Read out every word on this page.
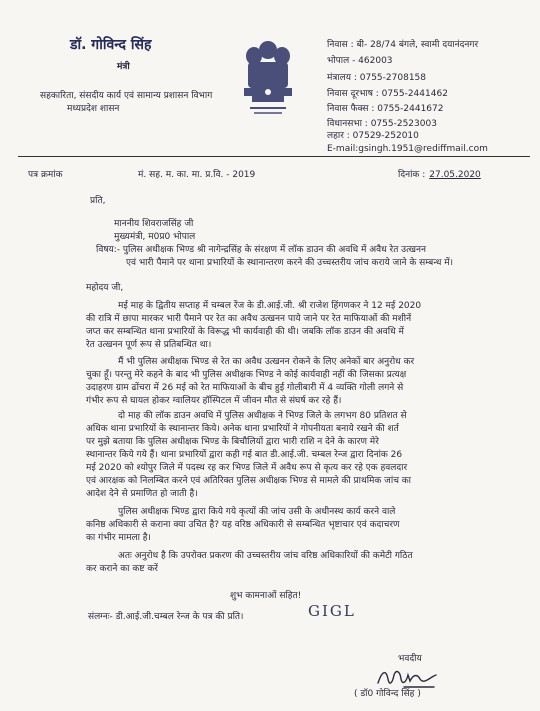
डॉ. गोविन्द सिंह
मंत्री
सहकारिता, संसदीय कार्य एवं सामान्य प्रशासन विभाग
मध्यप्रदेश शासन
निवास : बी- 28/74 बंगले, स्वामी दयानंदनगर
भोपाल - 462003
मंत्रालय : 0755-2708158
निवास दूरभाष : 0755-2441462
निवास फैक्स : 0755-2441672
विधानसभा : 0755-2523003
लहार : 07529-252010
E-mail:gsingh.1951@rediffmail.com
पत्र क्रमांक	मं. सह. म. का. मा. प्र.वि. - 2019	दिनांक : 27.05.2020
प्रति,
माननीय शिवराजसिंह जी
मुख्यमंत्री, म0प्र0 भोपाल
विषय:- पुलिस अधीक्षक भिण्ड श्री नागेन्द्रसिंह के संरक्षण में लॉक डाउन की अवधि में अवैध रेत उत्खनन
एवं भारी पैमाने पर थाना प्रभारियों के स्थानान्तरण करने की उच्चस्तरीय जांच कराये जाने के सम्बन्ध में।
महोदय जी,
मई माह के द्वितीय सप्ताह में चम्बल रेंज के डी.आई.जी. श्री राजेश हिंगणकर ने 12 मई 2020
की रात्रि में छापा मारकर भारी पैमाने पर रेत का अवैध उत्खनन पाये जाने पर रेत माफियाओं की मशीनें
जप्त कर सम्बन्धित थाना प्रभारियों के विरूद्ध भी कार्यवाही की थी। जबकि लॉक डाउन की अवधि में
रेत उत्खनन पूर्ण रूप से प्रतिबन्धित था।
मैं भी पुलिस अधीक्षक भिण्ड से रेत का अवैध उत्खनन रोकने के लिए अनेकों बार अनुरोध कर
चुका हूँ। परन्तु मेरे कहने के बाद भी पुलिस अधीक्षक भिण्ड ने कोई कार्यवाही नहीं की जिसका प्रत्यक्ष
उदाहरण ग्राम ढोंचरा में 26 मई को रेत माफियाओं के बीच हुई गोलीबारी में 4 व्यक्ति गोली लगने से
गंभीर रूप से घायल होकर ग्वालियर हॉस्पिटल में जीवन मौत से संघर्ष कर रहे हैं।
दो माह की लॉक डाउन अवधि में पुलिस अधीक्षक ने भिण्ड जिले के लगभग 80 प्रतिशत से
अधिक थाना प्रभारियों के स्थानान्तर किये। अनेक थाना प्रभारियों ने गोपनीयता बनाये रखने की शर्त
पर मुझे बताया कि पुलिस अधीक्षक भिण्ड के बिचौलियों द्वारा भारी राशि न देने के कारण मेरे
स्थानान्तर किये गये हैं। थाना प्रभारियों द्वारा कही गई बात डी.आई.जी. चम्बल रेन्ज द्वारा दिनांक 26
मई 2020 को श्योपुर जिले में पदस्थ रह कर भिण्ड जिले में अवैध रूप से कृत्य कर रहे एक हवलदार
एवं आरक्षक को निलम्बित करने एवं अतिरिक्त पुलिस अधीक्षक भिण्ड से मामले की प्राथमिक जांच का
आदेश देने से प्रमाणित हो जाती है।
पुलिस अधीक्षक भिण्ड द्वारा किये गये कृत्यों की जांच उसी के अधीनस्थ कार्य करने वाले
कनिष्ठ अधिकारी से कराना क्या उचित है? यह वरिष्ठ अधिकारी से सम्बन्धित भृष्टाचार एवं कदाचरण
का गंभीर मामला है।
अतः अनुरोध है कि उपरोक्त प्रकरण की उच्चस्तरीय जांच वरिष्ठ अधिकारियों की कमेटी गठित
कर कराने का कष्ट करें
शुभ कामनाओं सहित!
संलग्नः- डी.आई.जी.चम्बल रेन्ज के पत्र की प्रति।	GIGL
भवदीय
( डॉ0 गोविन्द सिंह )
